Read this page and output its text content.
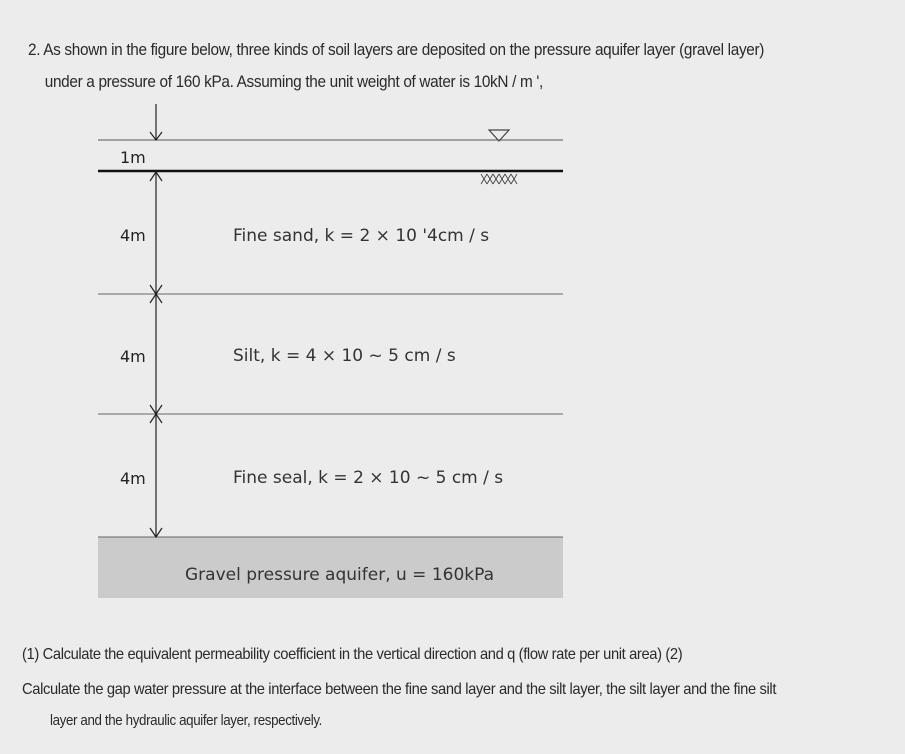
2. As shown in the figure below, three kinds of soil layers are deposited on the pressure aquifer layer (gravel layer)
under a pressure of 160 kPa. Assuming the unit weight of water is 10kN / m ',
1m
4m
4m
4m
Fine sand, k = 2 × 10 '4cm / s
Silt, k = 4 × 10 ~ 5 cm / s
Fine seal, k = 2 × 10 ~ 5 cm / s
Gravel pressure aquifer, u = 160kPa
(1) Calculate the equivalent permeability coefficient in the vertical direction and q (flow rate per unit area) (2)
Calculate the gap water pressure at the interface between the fine sand layer and the silt layer, the silt layer and the fine silt
layer and the hydraulic aquifer layer, respectively.
